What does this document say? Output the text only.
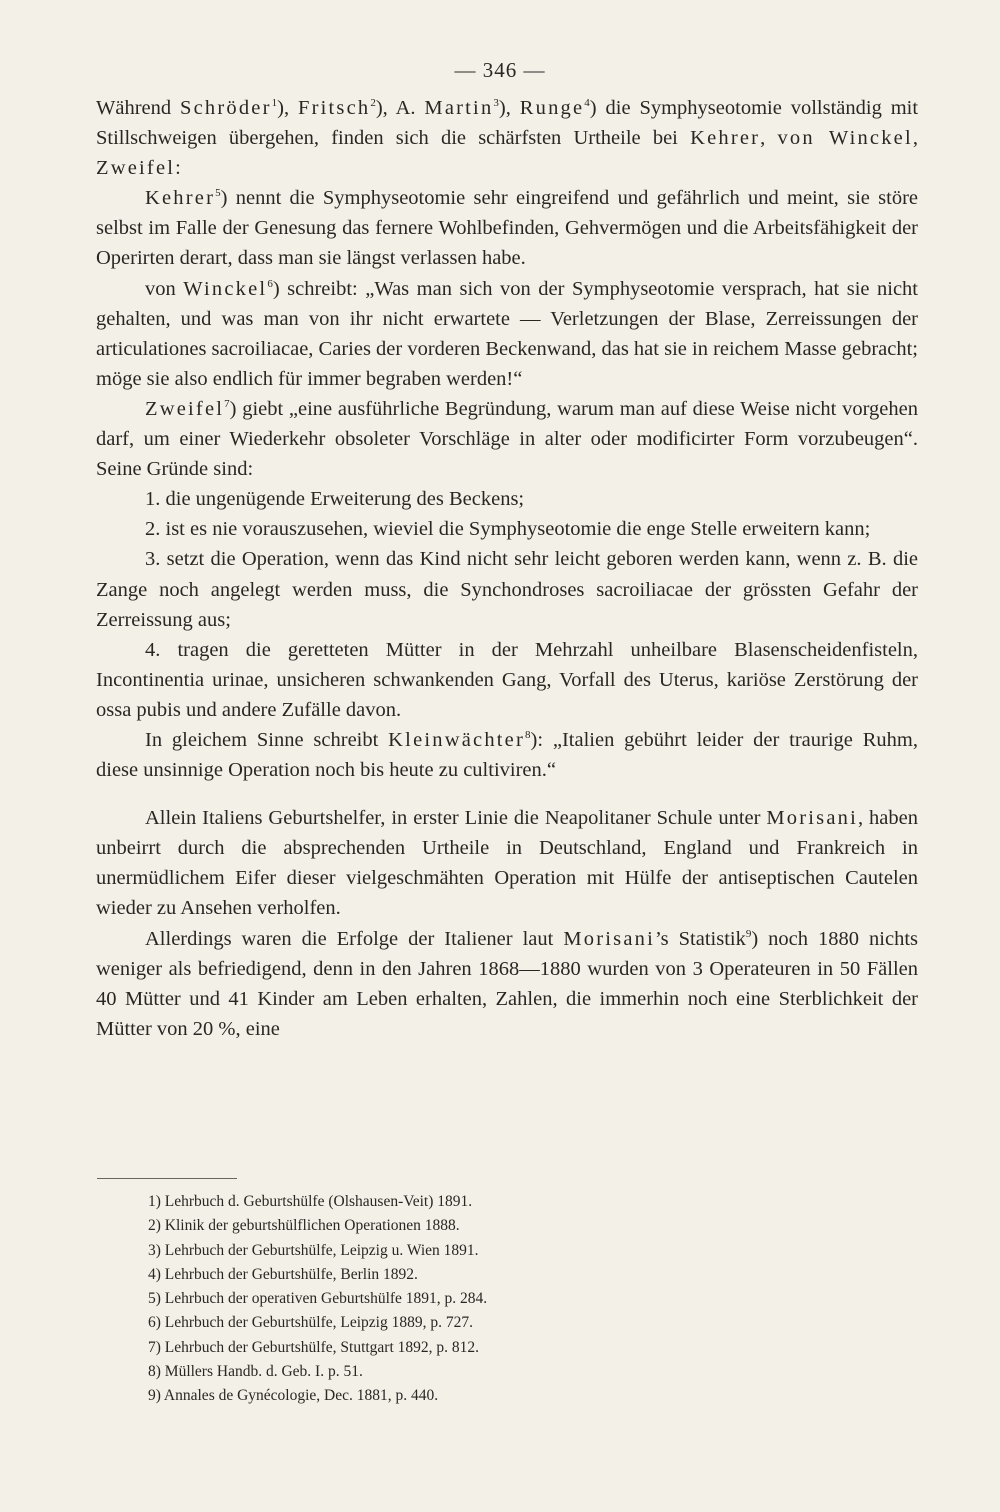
— 346 —

Während Schröder$^1$), Fritsch$^2$), A. Martin$^3$), Runge$^4$) die Symphyseotomie vollständig mit Stillschweigen übergehen, finden sich die schärfsten Urtheile bei Kehrer, von Winckel, Zweifel:

Kehrer$^5$) nennt die Symphyseotomie sehr eingreifend und gefährlich und meint, sie störe selbst im Falle der Genesung das fernere Wohlbefinden, Gehvermögen und die Arbeitsfähigkeit der Operirten derart, dass man sie längst verlassen habe.

von Winckel$^6$) schreibt: „Was man sich von der Symphyseotomie versprach, hat sie nicht gehalten, und was man von ihr nicht erwartete — Verletzungen der Blase, Zerreissungen der articulationes sacroiliacae, Caries der vorderen Beckenwand, das hat sie in reichem Masse gebracht; möge sie also endlich für immer begraben werden!“

Zweifel$^7$) giebt „eine ausführliche Begründung, warum man auf diese Weise nicht vorgehen darf, um einer Wiederkehr obsoleter Vorschläge in alter oder modificirter Form vorzubeugen“. Seine Gründe sind:

1. die ungenügende Erweiterung des Beckens;

2. ist es nie vorauszusehen, wieviel die Symphyseotomie die enge Stelle erweitern kann;

3. setzt die Operation, wenn das Kind nicht sehr leicht geboren werden kann, wenn z. B. die Zange noch angelegt werden muss, die Synchondroses sacroiliacae der grössten Gefahr der Zerreissung aus;

4. tragen die geretteten Mütter in der Mehrzahl unheilbare Blasenscheidenfisteln, Incontinentia urinae, unsicheren schwankenden Gang, Vorfall des Uterus, kariöse Zerstörung der ossa pubis und andere Zufälle davon.

In gleichem Sinne schreibt Kleinwächter$^8$): „Italien gebührt leider der traurige Ruhm, diese unsinnige Operation noch bis heute zu cultiviren.“

Allein Italiens Geburtshelfer, in erster Linie die Neapolitaner Schule unter Morisani, haben unbeirrt durch die absprechenden Urtheile in Deutschland, England und Frankreich in unermüdlichem Eifer dieser vielgeschmähten Operation mit Hülfe der antiseptischen Cautelen wieder zu Ansehen verholfen.

Allerdings waren die Erfolge der Italiener laut Morisani’s Statistik$^9$) noch 1880 nichts weniger als befriedigend, denn in den Jahren 1868—1880 wurden von 3 Operateuren in 50 Fällen 40 Mütter und 41 Kinder am Leben erhalten, Zahlen, die immerhin noch eine Sterblichkeit der Mütter von 20 %, eine

1) Lehrbuch d. Geburtshülfe (Olshausen-Veit) 1891.
2) Klinik der geburtshülflichen Operationen 1888.
3) Lehrbuch der Geburtshülfe, Leipzig u. Wien 1891.
4) Lehrbuch der Geburtshülfe, Berlin 1892.
5) Lehrbuch der operativen Geburtshülfe 1891, p. 284.
6) Lehrbuch der Geburtshülfe, Leipzig 1889, p. 727.
7) Lehrbuch der Geburtshülfe, Stuttgart 1892, p. 812.
8) Müllers Handb. d. Geb. I. p. 51.
9) Annales de Gynécologie, Dec. 1881, p. 440.
